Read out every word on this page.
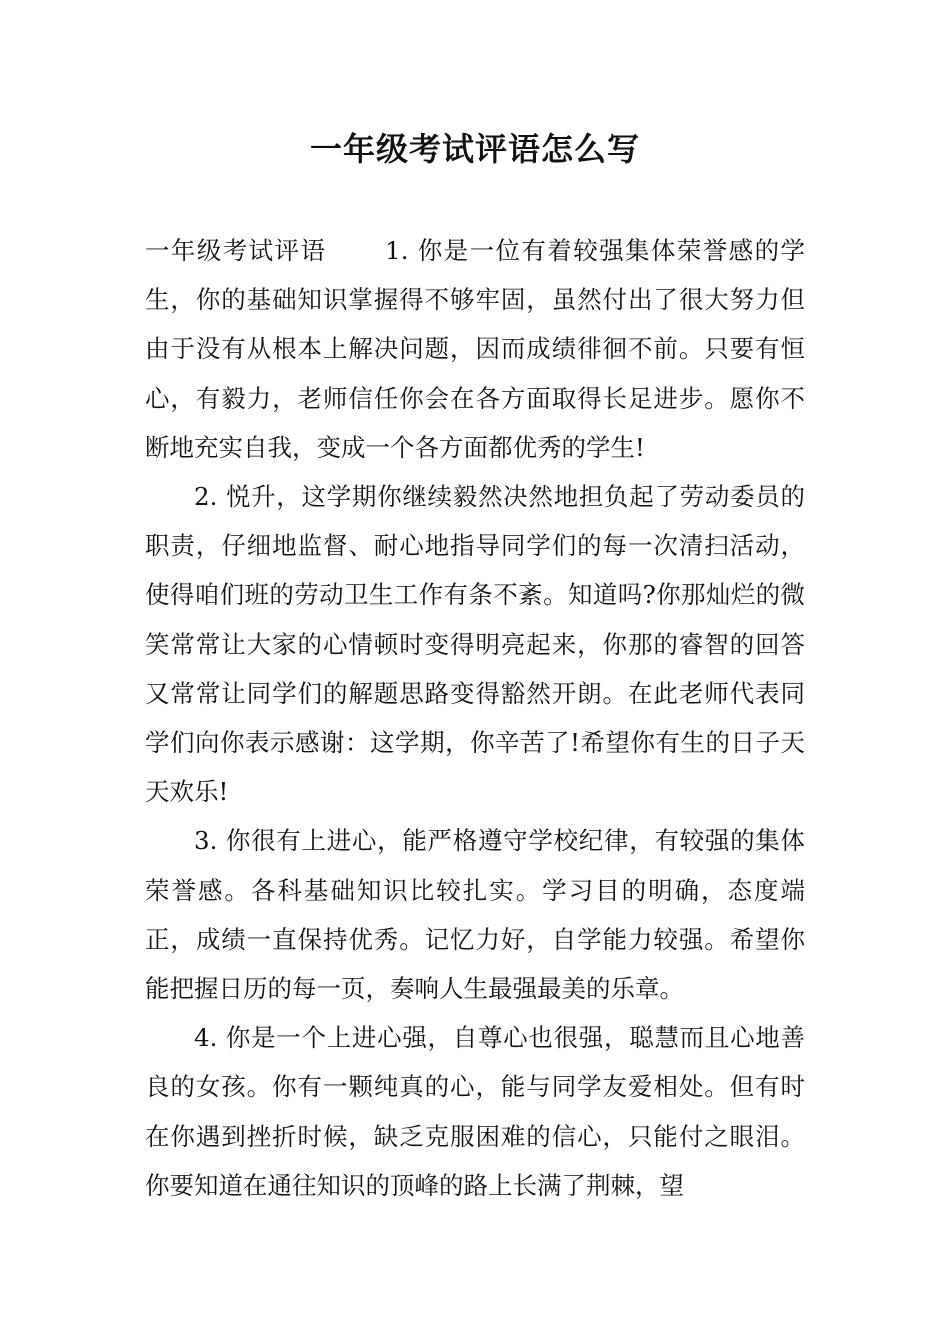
一年级考试评语怎么写

一年级考试评语 1. 你是一位有着较强集体荣誉感的学生，你的基础知识掌握得不够牢固，虽然付出了很大努力但由于没有从根本上解决问题，因而成绩徘徊不前。只要有恒心，有毅力，老师信任你会在各方面取得长足进步。愿你不断地充实自我，变成一个各方面都优秀的学生!

2. 悦升，这学期你继续毅然决然地担负起了劳动委员的职责，仔细地监督、耐心地指导同学们的每一次清扫活动，使得咱们班的劳动卫生工作有条不紊。知道吗?你那灿烂的微笑常常让大家的心情顿时变得明亮起来，你那的睿智的回答又常常让同学们的解题思路变得豁然开朗。在此老师代表同学们向你表示感谢：这学期，你辛苦了!希望你有生的日子天天欢乐!

3. 你很有上进心，能严格遵守学校纪律，有较强的集体荣誉感。各科基础知识比较扎实。学习目的明确，态度端正，成绩一直保持优秀。记忆力好，自学能力较强。希望你能把握日历的每一页，奏响人生最强最美的乐章。

4. 你是一个上进心强，自尊心也很强，聪慧而且心地善良的女孩。你有一颗纯真的心，能与同学友爱相处。但有时在你遇到挫折时候，缺乏克服困难的信心，只能付之眼泪。你要知道在通往知识的顶峰的路上长满了荆棘，望
